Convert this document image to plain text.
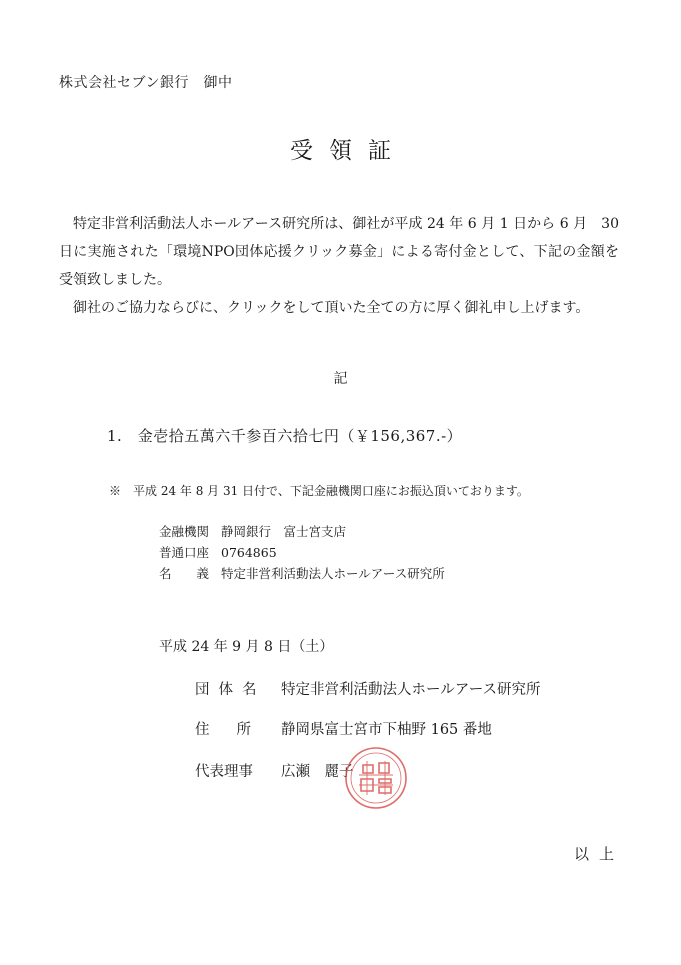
株式会社セブン銀行　御中
受領証

特定非営利活動法人ホールアース研究所は、御社が平成 24 年 6 月 1 日から 6 月　30　日に実施された「環境NPO団体応援クリック募金」による寄付金として、下記の金額を受領致しました。

御社のご協力ならびに、クリックをして頂いた全ての方に厚く御礼申し上げます。

記
1.　金壱拾五萬六千参百六拾七円（￥156,367.-）
※　平成 24 年 8 月 31 日付で、下記金融機関口座にお振込頂いております。
金融機関 静岡銀行　富士宮支店
普通口座 0764865
名義特定非営利活動法人ホールアース研究所
平成 24 年 9 月 8 日（土）
団体名 特定非営利活動法人ホールアース研究所
住所 静岡県富士宮市下柚野 165 番地
代表理事 広瀬　麗子
以上
